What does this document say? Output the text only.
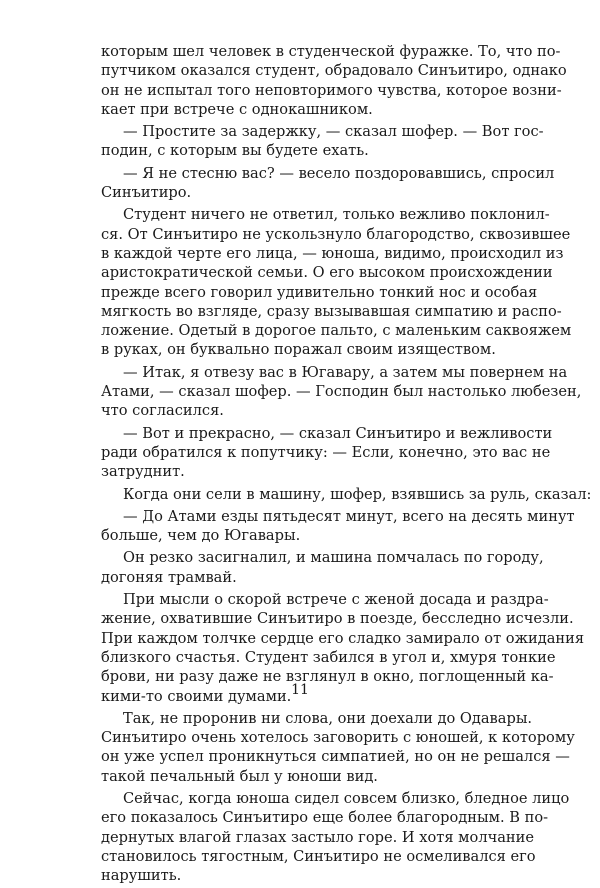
которым шел человек в студенческой фуражке. То, что по-
путчиком оказался студент, обрадовало Синъитиро, однако
он не испытал того неповторимого чувства, которое возни-
кает при встрече с однокашником.
— Простите за задержку, — сказал шофер. — Вот гос-
подин, с которым вы будете ехать.
— Я не стесню вас? — весело поздоровавшись, спросил
Синъитиро.
Студент ничего не ответил, только вежливо поклонил-
ся. От Синъитиро не ускользнуло благородство, сквозившее
в каждой черте его лица, — юноша, видимо, происходил из
аристократической семьи. О его высоком происхождении
прежде всего говорил удивительно тонкий нос и особая
мягкость во взгляде, сразу вызывавшая симпатию и распо-
ложение. Одетый в дорогое пальто, с маленьким саквояжем
в руках, он буквально поражал своим изяществом.
— Итак, я отвезу вас в Югавару, а затем мы повернем на
Атами, — сказал шофер. — Господин был настолько любезен,
что согласился.
— Вот и прекрасно, — сказал Синъитиро и вежливости
ради обратился к попутчику: — Если, конечно, это вас не
затруднит.
Когда они сели в машину, шофер, взявшись за руль, сказал:
— До Атами езды пятьдесят минут, всего на десять минут
больше, чем до Югавары.
Он резко засигналил, и машина помчалась по городу,
догоняя трамвай.
При мысли о скорой встрече с женой досада и раздра-
жение, охватившие Синъитиро в поезде, бесследно исчезли.
При каждом толчке сердце его сладко замирало от ожидания
близкого счастья. Студент забился в угол и, хмуря тонкие
брови, ни разу даже не взглянул в окно, поглощенный ка-
кими-то своими думами.
Так, не проронив ни слова, они доехали до Одавары.
Синъитиро очень хотелось заговорить с юношей, к которому
он уже успел проникнуться симпатией, но он не решался —
такой печальный был у юноши вид.
Сейчас, когда юноша сидел совсем близко, бледное лицо
его показалось Синъитиро еще более благородным. В по-
дернутых влагой глазах застыло горе. И хотя молчание
становилось тягостным, Синъитиро не осмеливался его
нарушить.
11
